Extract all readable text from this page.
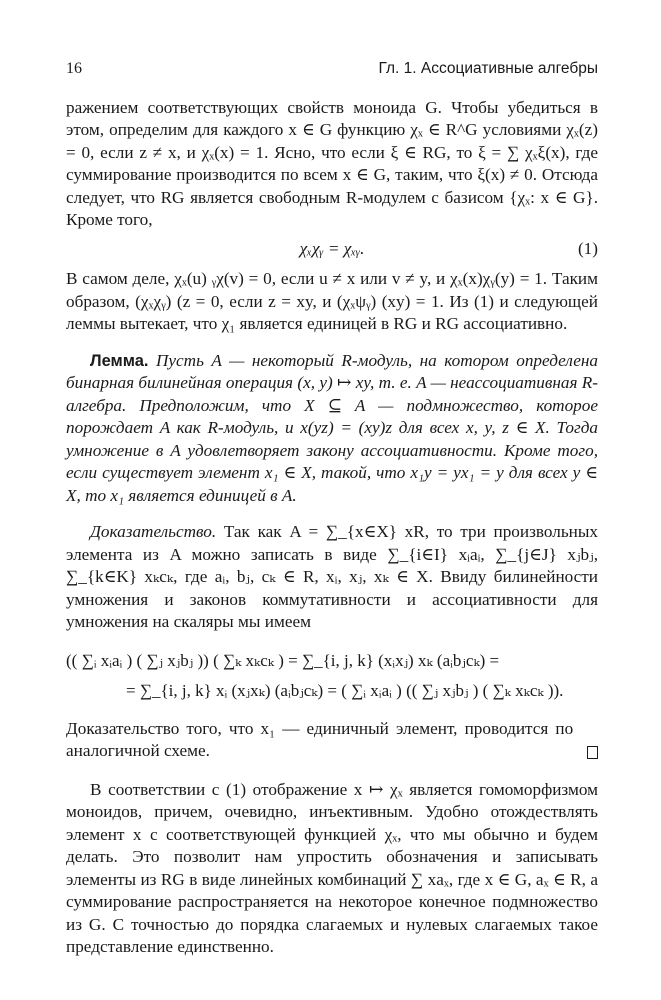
16	Гл. 1. Ассоциативные алгебры

ражением соответствующих свойств моноида G. Чтобы убедиться в этом, определим для каждого x ∈ G функцию χₓ ∈ R^G условиями χₓ(z) = 0, если z ≠ x, и χₓ(x) = 1. Ясно, что если ξ ∈ RG, то ξ = ∑ χₓξ(x), где суммирование производится по всем x ∈ G, таким, что ξ(x) ≠ 0. Отсюда следует, что RG является свободным R-модулем с базисом {χₓ: x ∈ G}. Кроме того,

χₓχᵧ = χₓᵧ.	(1)

В самом деле, χₓ(u) ᵧχ(v) = 0, если u ≠ x или v ≠ y, и χₓ(x)χᵧ(y) = 1. Таким образом, (χₓχᵧ) (z = 0, если z = xy, и (χₓψᵧ) (xy) = 1. Из (1) и следующей леммы вытекает, что χ₁ является единицей в RG и RG ассоциативно.

Лемма. Пусть A — некоторый R-модуль, на котором определена бинарная билинейная операция (x, y) ↦ xy, т. е. A — неассоциативная R-алгебра. Предположим, что X ⊆ A — подмножество, которое порождает A как R-модуль, и x(yz) = (xy)z для всех x, y, z ∈ X. Тогда умножение в A удовлетворяет закону ассоциативности. Кроме того, если существует элемент x₁ ∈ X, такой, что x₁y = yx₁ = y для всех y ∈ X, то x₁ является единицей в A.

Доказательство. Так как A = ∑_{x∈X} xR, то три произвольных элемента из A можно записать в виде ∑_{i∈I} xᵢaᵢ, ∑_{j∈J} xⱼbⱼ, ∑_{k∈K} xₖcₖ, где aᵢ, bⱼ, cₖ ∈ R, xᵢ, xⱼ, xₖ ∈ X. Ввиду билинейности умножения и законов коммутативности и ассоциативности для умножения на скаляры мы имеем

(( ∑ᵢ xᵢaᵢ ) ( ∑ⱼ xⱼbⱼ )) ( ∑ₖ xₖcₖ ) = ∑_{i, j, k} (xᵢxⱼ) xₖ (aᵢbⱼcₖ) =
= ∑_{i, j, k} xᵢ (xⱼxₖ) (aᵢbⱼcₖ) = ( ∑ᵢ xᵢaᵢ ) (( ∑ⱼ xⱼbⱼ ) ( ∑ₖ xₖcₖ )).

Доказательство того, что x₁ — единичный элемент, проводится по аналогичной схеме.

В соответствии с (1) отображение x ↦ χₓ является гомоморфизмом моноидов, причем, очевидно, инъективным. Удобно отождествлять элемент x с соответствующей функцией χₓ, что мы обычно и будем делать. Это позволит нам упростить обозначения и записывать элементы из RG в виде линейных комбинаций ∑ xaₓ, где x ∈ G, aₓ ∈ R, а суммирование распространяется на некоторое конечное подмножество из G. С точностью до порядка слагаемых и нулевых слагаемых такое представление единственно.
